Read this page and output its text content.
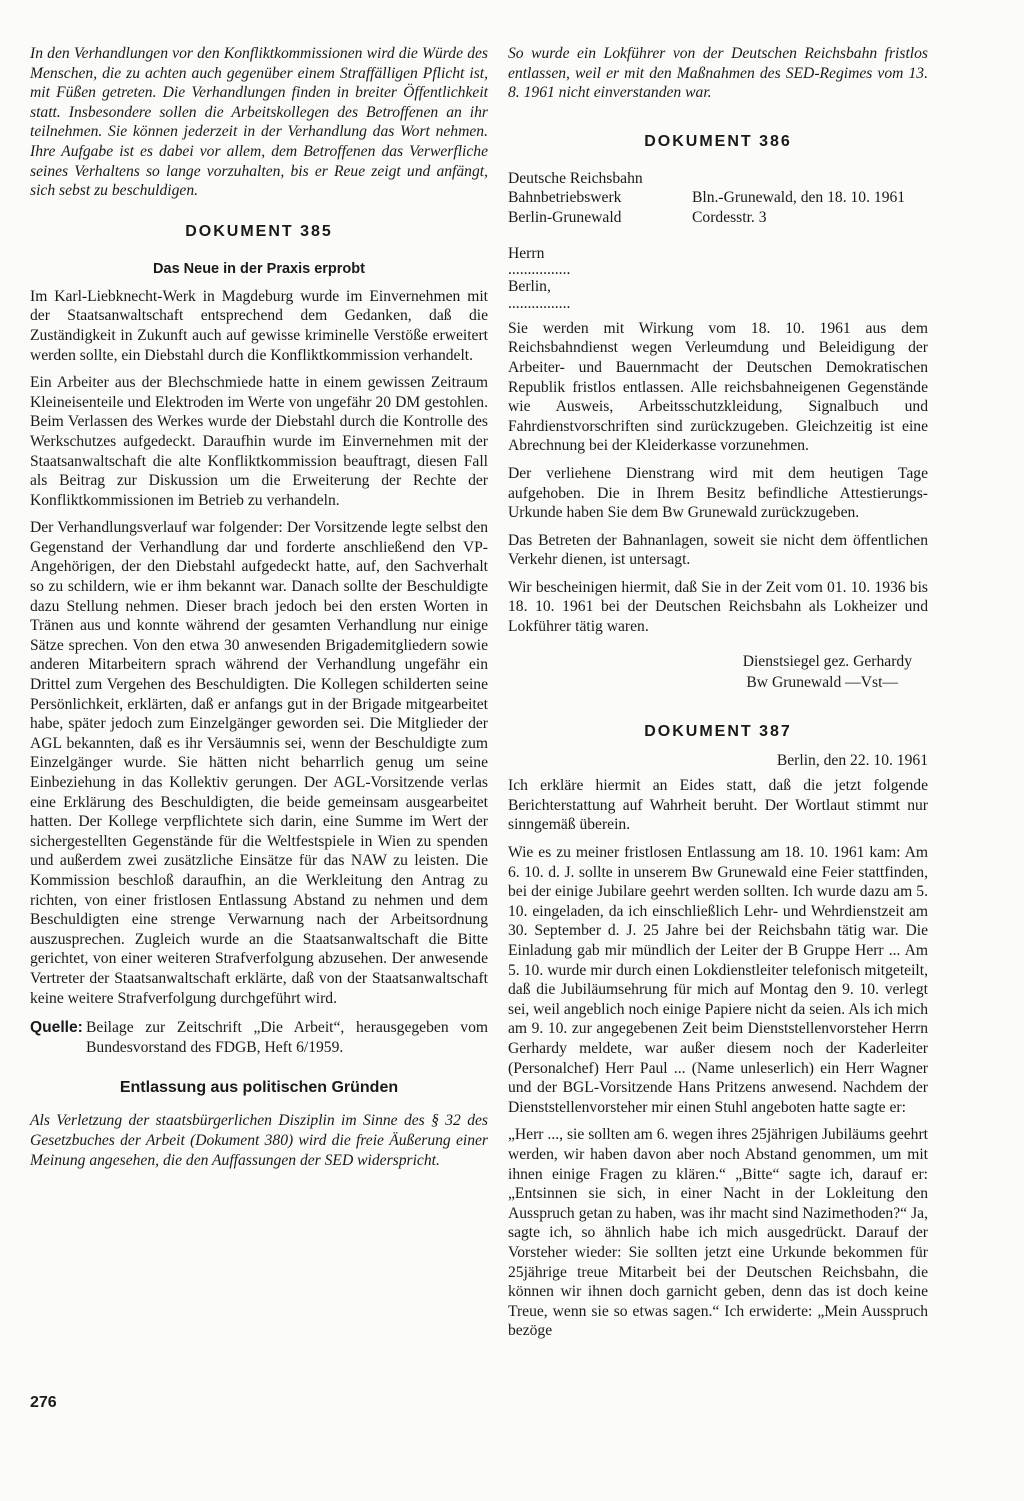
In den Verhandlungen vor den Konfliktkommissionen wird die Würde des Menschen, die zu achten auch gegenüber einem Straffälligen Pflicht ist, mit Füßen getreten. Die Verhandlungen finden in breiter Öffentlichkeit statt. Insbesondere sollen die Arbeitskollegen des Betroffenen an ihr teilnehmen. Sie können jederzeit in der Verhandlung das Wort nehmen. Ihre Aufgabe ist es dabei vor allem, dem Betroffenen das Verwerfliche seines Verhaltens so lange vorzuhalten, bis er Reue zeigt und anfängt, sich sebst zu beschuldigen.

DOKUMENT 385
Das Neue in der Praxis erprobt

Im Karl-Liebknecht-Werk in Magdeburg wurde im Einvernehmen mit der Staatsanwaltschaft entsprechend dem Gedanken, daß die Zuständigkeit in Zukunft auch auf gewisse kriminelle Verstöße erweitert werden sollte, ein Diebstahl durch die Konfliktkommission verhandelt.

Ein Arbeiter aus der Blechschmiede hatte in einem gewissen Zeitraum Kleineisenteile und Elektroden im Werte von ungefähr 20 DM gestohlen. Beim Verlassen des Werkes wurde der Diebstahl durch die Kontrolle des Werkschutzes aufgedeckt. Daraufhin wurde im Einvernehmen mit der Staatsanwaltschaft die alte Konfliktkommission beauftragt, diesen Fall als Beitrag zur Diskussion um die Erweiterung der Rechte der Konfliktkommissionen im Betrieb zu verhandeln.

Der Verhandlungsverlauf war folgender: Der Vorsitzende legte selbst den Gegenstand der Verhandlung dar und forderte anschließend den VP-Angehörigen, der den Diebstahl aufgedeckt hatte, auf, den Sachverhalt so zu schildern, wie er ihm bekannt war. Danach sollte der Beschuldigte dazu Stellung nehmen. Dieser brach jedoch bei den ersten Worten in Tränen aus und konnte während der gesamten Verhandlung nur einige Sätze sprechen. Von den etwa 30 anwesenden Brigademitgliedern sowie anderen Mitarbeitern sprach während der Verhandlung ungefähr ein Drittel zum Vergehen des Beschuldigten. Die Kollegen schilderten seine Persönlichkeit, erklärten, daß er anfangs gut in der Brigade mitgearbeitet habe, später jedoch zum Einzelgänger geworden sei. Die Mitglieder der AGL bekannten, daß es ihr Versäumnis sei, wenn der Beschuldigte zum Einzelgänger wurde. Sie hätten nicht beharrlich genug um seine Einbeziehung in das Kollektiv gerungen. Der AGL-Vorsitzende verlas eine Erklärung des Beschuldigten, die beide gemeinsam ausgearbeitet hatten. Der Kollege verpflichtete sich darin, eine Summe im Wert der sichergestellten Gegenstände für die Weltfestspiele in Wien zu spenden und außerdem zwei zusätzliche Einsätze für das NAW zu leisten. Die Kommission beschloß daraufhin, an die Werkleitung den Antrag zu richten, von einer fristlosen Entlassung Abstand zu nehmen und dem Beschuldigten eine strenge Verwarnung nach der Arbeitsordnung auszusprechen. Zugleich wurde an die Staatsanwaltschaft die Bitte gerichtet, von einer weiteren Strafverfolgung abzusehen. Der anwesende Vertreter der Staatsanwaltschaft erklärte, daß von der Staatsanwaltschaft keine weitere Strafverfolgung durchgeführt wird.

Quelle: Beilage zur Zeitschrift „Die Arbeit“, herausgegeben vom Bundesvorstand des FDGB, Heft 6/1959.
Entlassung aus politischen Gründen

Als Verletzung der staatsbürgerlichen Disziplin im Sinne des § 32 des Gesetzbuches der Arbeit (Dokument 380) wird die freie Äußerung einer Meinung angesehen, die den Auffassungen der SED widerspricht.

So wurde ein Lokführer von der Deutschen Reichsbahn fristlos entlassen, weil er mit den Maßnahmen des SED-Regimes vom 13. 8. 1961 nicht einverstanden war.

DOKUMENT 386
Deutsche Reichsbahn
Bahnbetriebswerk
Berlin-Grunewald

Bln.-Grunewald, den 18. 10. 1961
Cordesstr. 3
Herrn
................
Berlin,
................

Sie werden mit Wirkung vom 18. 10. 1961 aus dem Reichsbahndienst wegen Verleumdung und Beleidigung der Arbeiter- und Bauernmacht der Deutschen Demokratischen Republik fristlos entlassen. Alle reichsbahneigenen Gegenstände wie Ausweis, Arbeitsschutzkleidung, Signalbuch und Fahrdienstvorschriften sind zurückzugeben. Gleichzeitig ist eine Abrechnung bei der Kleiderkasse vorzunehmen.

Der verliehene Dienstrang wird mit dem heutigen Tage aufgehoben. Die in Ihrem Besitz befindliche Attestierungs-Urkunde haben Sie dem Bw Grunewald zurückzugeben.

Das Betreten der Bahnanlagen, soweit sie nicht dem öffentlichen Verkehr dienen, ist untersagt.

Wir bescheinigen hiermit, daß Sie in der Zeit vom 01. 10. 1936 bis 18. 10. 1961 bei der Deutschen Reichsbahn als Lokheizer und Lokführer tätig waren.

Dienstsiegel gez. Gerhardy
Bw Grunewald —Vst—
DOKUMENT 387
Berlin, den 22. 10. 1961

Ich erkläre hiermit an Eides statt, daß die jetzt folgende Berichterstattung auf Wahrheit beruht. Der Wortlaut stimmt nur sinngemäß überein.

Wie es zu meiner fristlosen Entlassung am 18. 10. 1961 kam: Am 6. 10. d. J. sollte in unserem Bw Grunewald eine Feier stattfinden, bei der einige Jubilare geehrt werden sollten. Ich wurde dazu am 5. 10. eingeladen, da ich einschließlich Lehr- und Wehrdienstzeit am 30. September d. J. 25 Jahre bei der Reichsbahn tätig war. Die Einladung gab mir mündlich der Leiter der B Gruppe Herr ... Am 5. 10. wurde mir durch einen Lokdienstleiter telefonisch mitgeteilt, daß die Jubiläumsehrung für mich auf Montag den 9. 10. verlegt sei, weil angeblich noch einige Papiere nicht da seien. Als ich mich am 9. 10. zur angegebenen Zeit beim Dienststellenvorsteher Herrn Gerhardy meldete, war außer diesem noch der Kaderleiter (Personalchef) Herr Paul ... (Name unleserlich) ein Herr Wagner und der BGL-Vorsitzende Hans Pritzens anwesend. Nachdem der Dienststellenvorsteher mir einen Stuhl angeboten hatte sagte er:

„Herr ..., sie sollten am 6. wegen ihres 25jährigen Jubiläums geehrt werden, wir haben davon aber noch Abstand genommen, um mit ihnen einige Fragen zu klären.“ „Bitte“ sagte ich, darauf er: „Entsinnen sie sich, in einer Nacht in der Lokleitung den Ausspruch getan zu haben, was ihr macht sind Nazimethoden?“ Ja, sagte ich, so ähnlich habe ich mich ausgedrückt. Darauf der Vorsteher wieder: Sie sollten jetzt eine Urkunde bekommen für 25jährige treue Mitarbeit bei der Deutschen Reichsbahn, die können wir ihnen doch garnicht geben, denn das ist doch keine Treue, wenn sie so etwas sagen.“ Ich erwiderte: „Mein Ausspruch bezöge

276
